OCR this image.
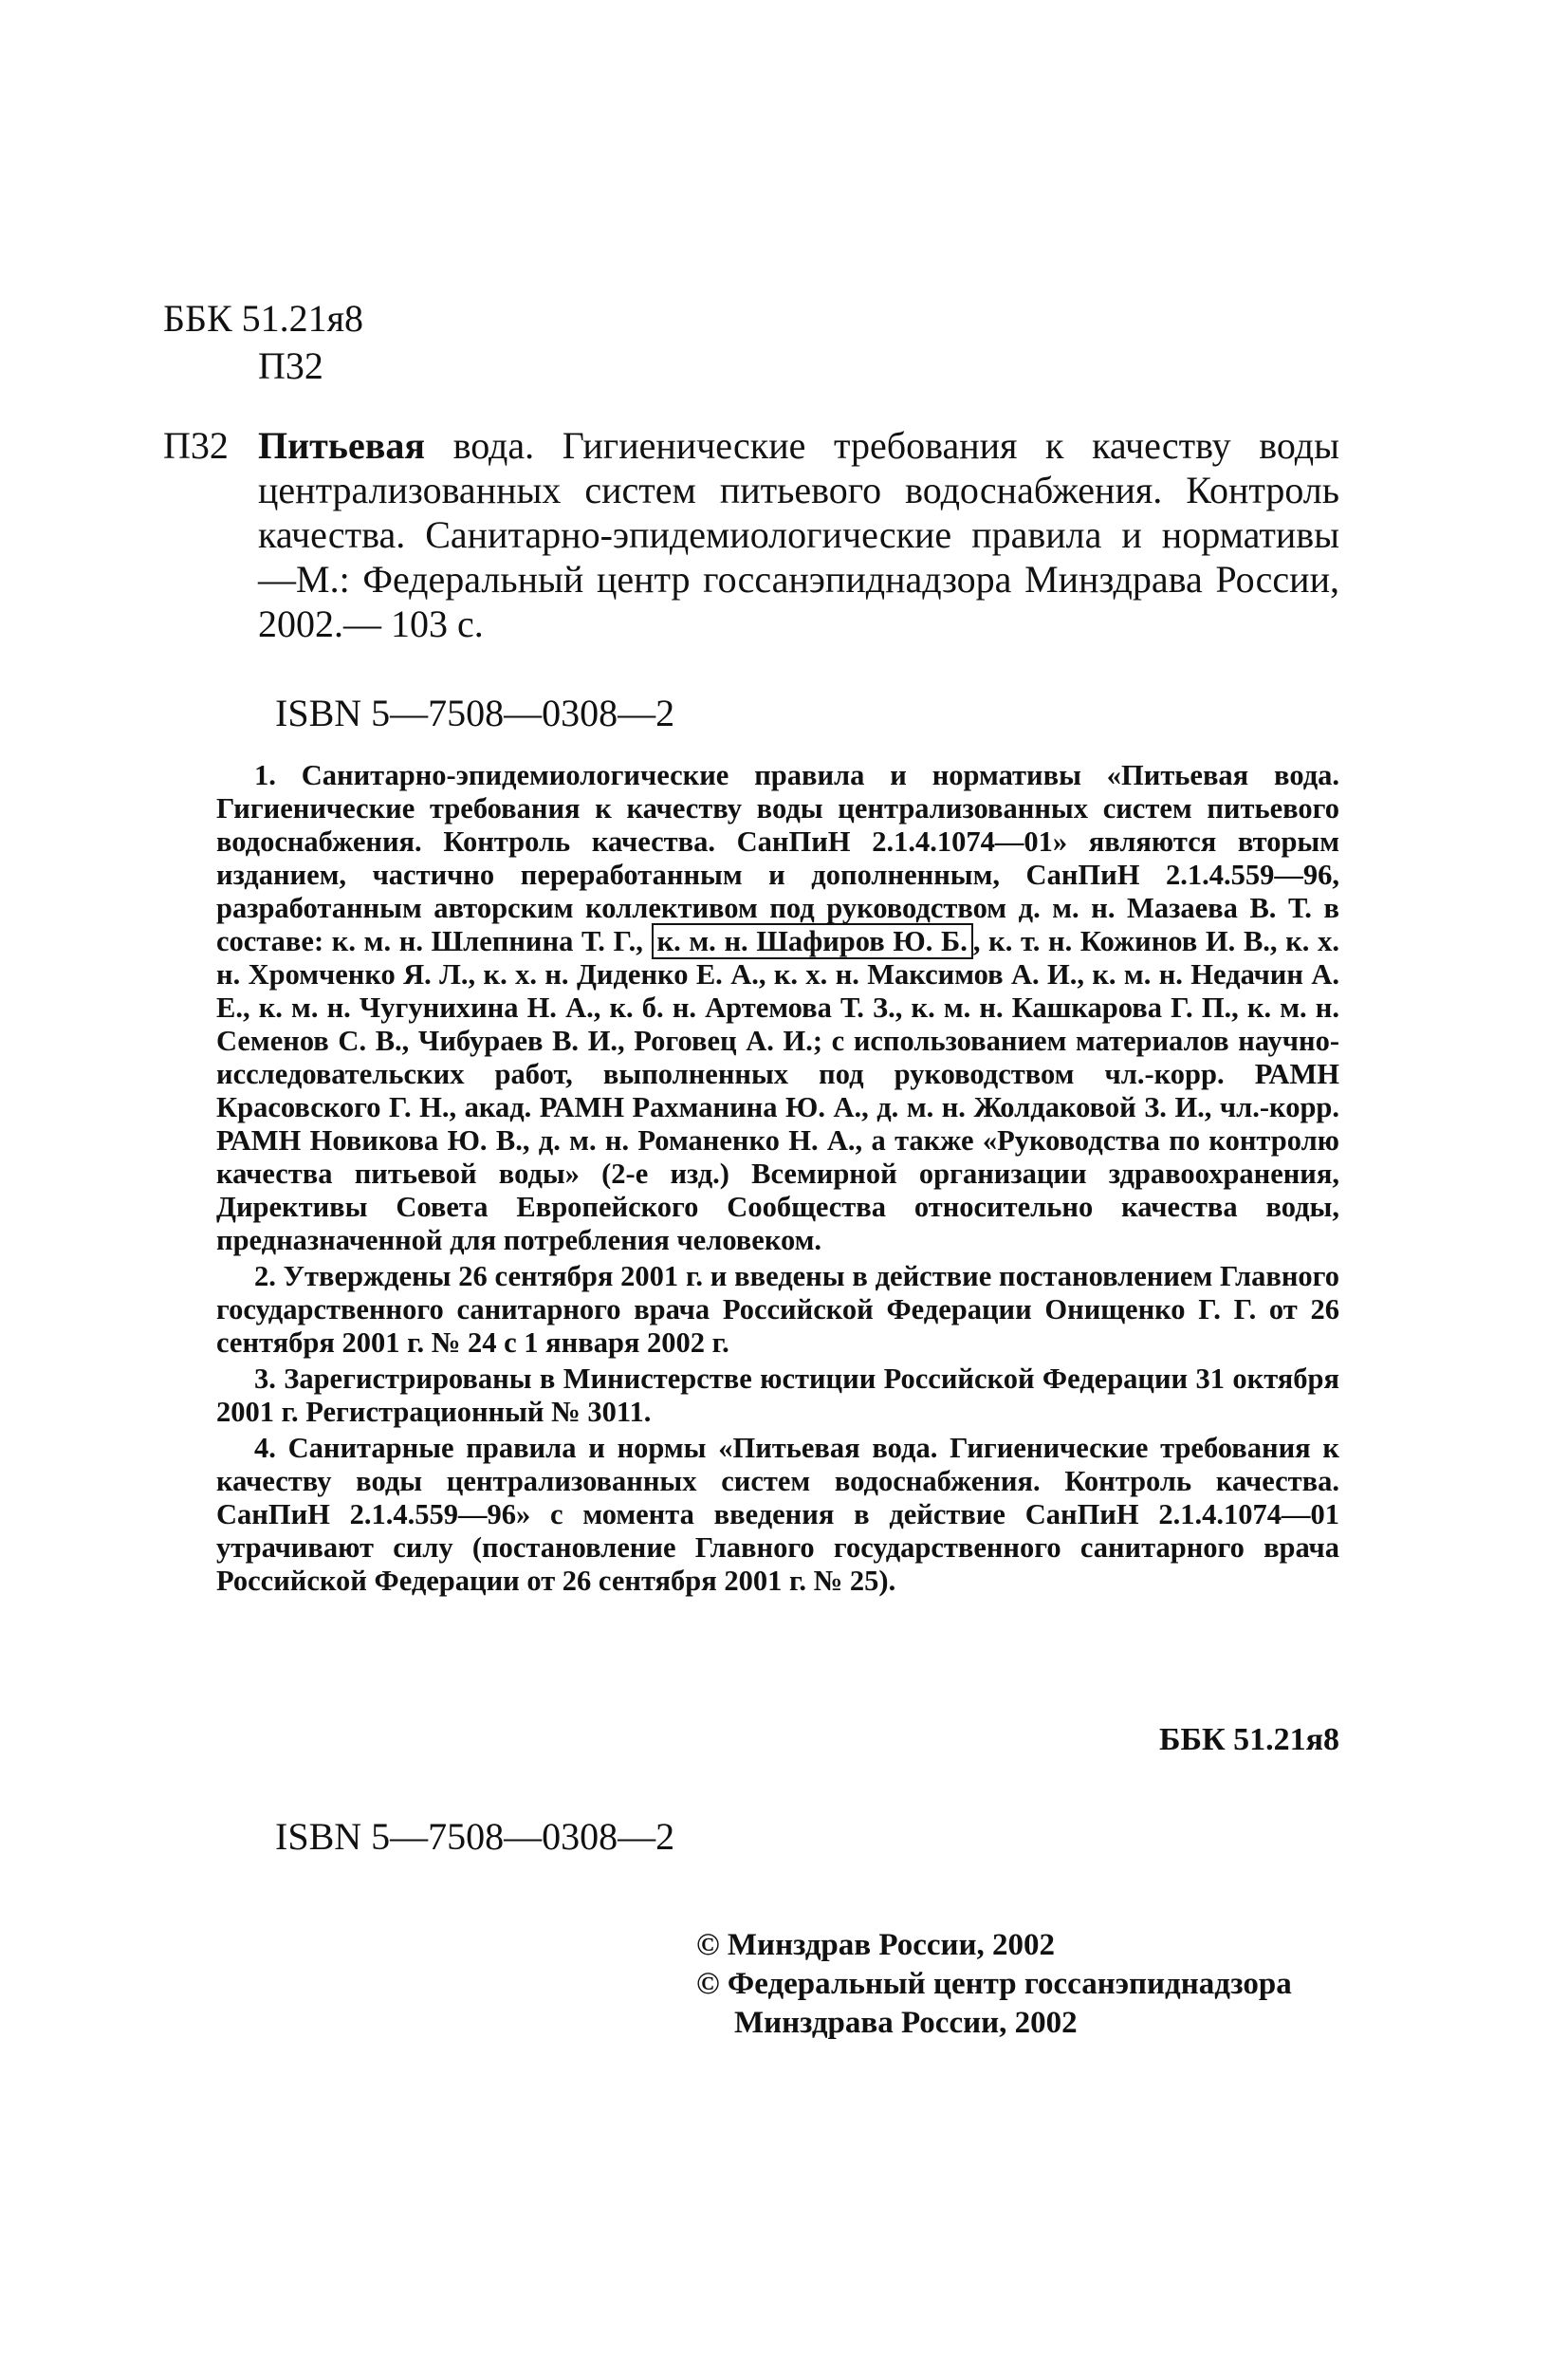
ББК 51.21я8
П32
П32 Питьевая вода. Гигиенические требования к качеству воды централизованных систем питьевого водоснабжения. Контроль качества. Санитарно-эпидемиологические правила и нормативы —М.: Федеральный центр госсанэпиднадзора Минздрава России, 2002.— 103 с.
ISBN 5—7508—0308—2

1. Санитарно-эпидемиологические правила и нормативы «Питьевая вода. Гигиенические требования к качеству воды централизованных систем питьевого водоснабжения. Контроль качества. СанПиН 2.1.4.1074—01» являются вторым изданием, частично переработанным и дополненным, СанПиН 2.1.4.559—96, разработанным авторским коллективом под руководством д. м. н. Мазаева В. Т. в составе: к. м. н. Шлепнина Т. Г., к. м. н. Шафиров Ю. Б. , к. т. н. Кожинов И. В., к. х. н. Хромченко Я. Л., к. х. н. Диденко Е. А., к. х. н. Максимов А. И., к. м. н. Недачин А. Е., к. м. н. Чугунихина Н. А., к. б. н. Артемова Т. З., к. м. н. Кашкарова Г. П., к. м. н. Семенов С. В., Чибураев В. И., Роговец А. И.; с использованием материалов научно-исследовательских работ, выполненных под руководством чл.-корр. РАМН Красовского Г. Н., акад. РАМН Рахманина Ю. А., д. м. н. Жолдаковой З. И., чл.-корр. РАМН Новикова Ю. В., д. м. н. Романенко Н. А., а также «Руководства по контролю качества питьевой воды» (2-е изд.) Всемирной организации здравоохранения, Директивы Совета Европейского Сообщества относительно качества воды, предназначенной для потребления человеком.

2. Утверждены 26 сентября 2001 г. и введены в действие постановлением Главного государственного санитарного врача Российской Федерации Онищенко Г. Г. от 26 сентября 2001 г. № 24 с 1 января 2002 г.

3. Зарегистрированы в Министерстве юстиции Российской Федерации 31 октября 2001 г. Регистрационный № 3011.

4. Санитарные правила и нормы «Питьевая вода. Гигиенические требования к качеству воды централизованных систем водоснабжения. Контроль качества. СанПиН 2.1.4.559—96» с момента введения в действие СанПиН 2.1.4.1074—01 утрачивают силу (постановление Главного государственного санитарного врача Российской Федерации от 26 сентября 2001 г. № 25).

ББК 51.21я8
ISBN 5—7508—0308—2
© Минздрав России, 2002
© Федеральный центр госсанэпиднадзора
Минздрава России, 2002
